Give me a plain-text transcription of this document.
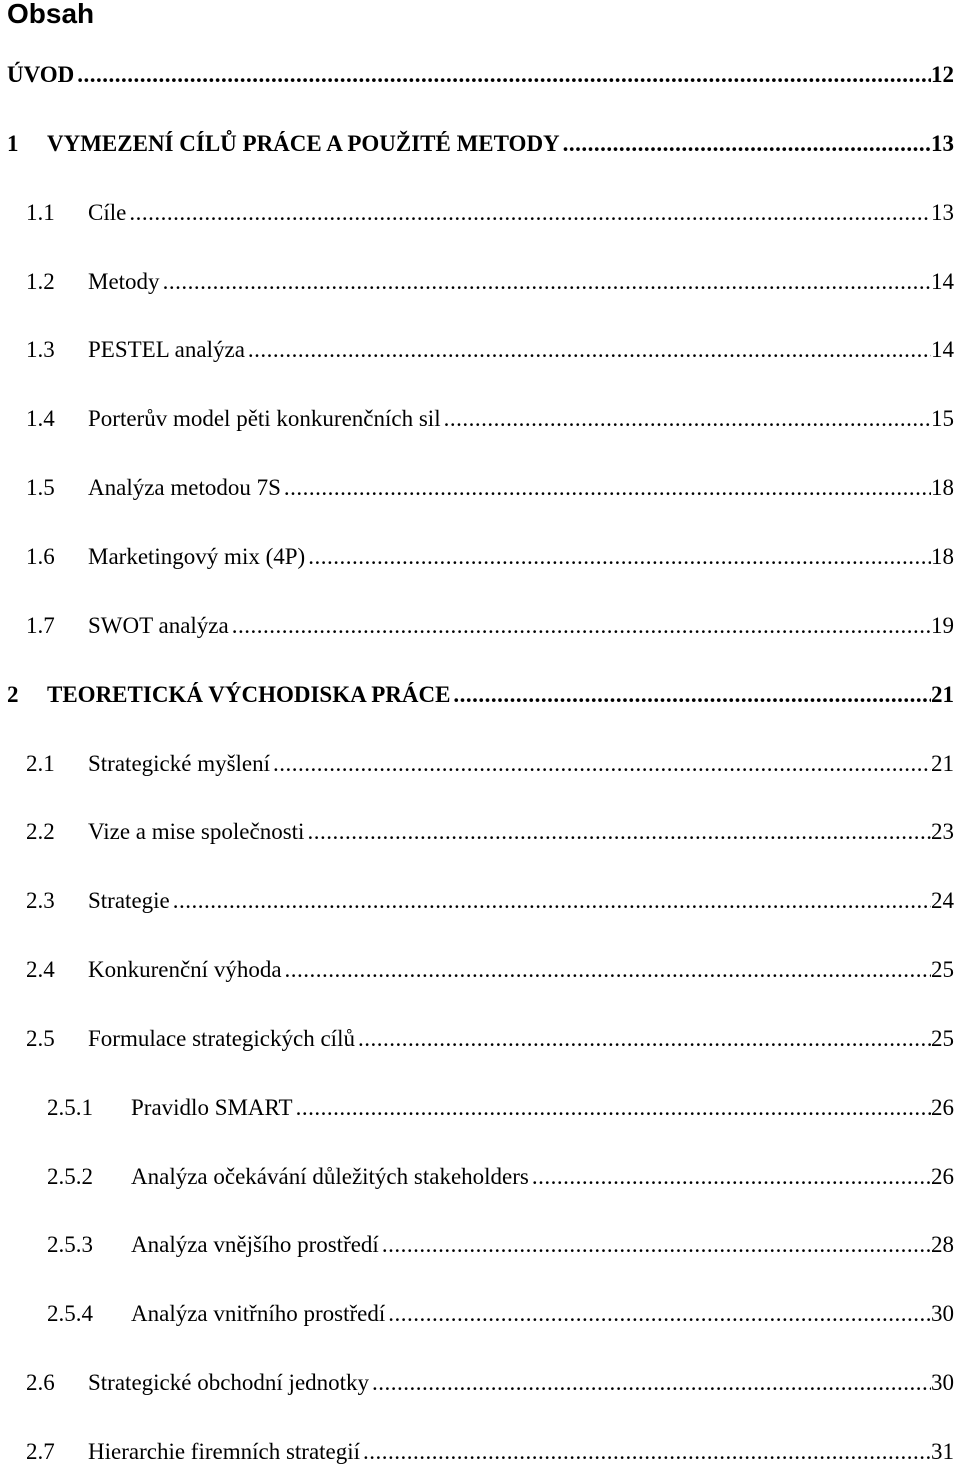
Obsah
ÚVOD .....	12
1	VYMEZENÍ CÍLŮ PRÁCE A POUŽITÉ METODY .....	13
1.1	Cíle .....	13
1.2	Metody .....	14
1.3	PESTEL analýza .....	14
1.4	Porterův model pěti konkurenčních sil .....	15
1.5	Analýza metodou 7S .....	18
1.6	Marketingový mix (4P) .....	18
1.7	SWOT analýza .....	19
2	TEORETICKÁ VÝCHODISKA PRÁCE .....	21
2.1	Strategické myšlení .....	21
2.2	Vize a mise společnosti .....	23
2.3	Strategie .....	24
2.4	Konkurenční výhoda .....	25
2.5	Formulace strategických cílů .....	25
2.5.1	Pravidlo SMART .....	26
2.5.2	Analýza očekávání důležitých stakeholders .....	26
2.5.3	Analýza vnějšího prostředí .....	28
2.5.4	Analýza vnitřního prostředí .....	30
2.6	Strategické obchodní jednotky .....	30
2.7	Hierarchie firemních strategií .....	31
